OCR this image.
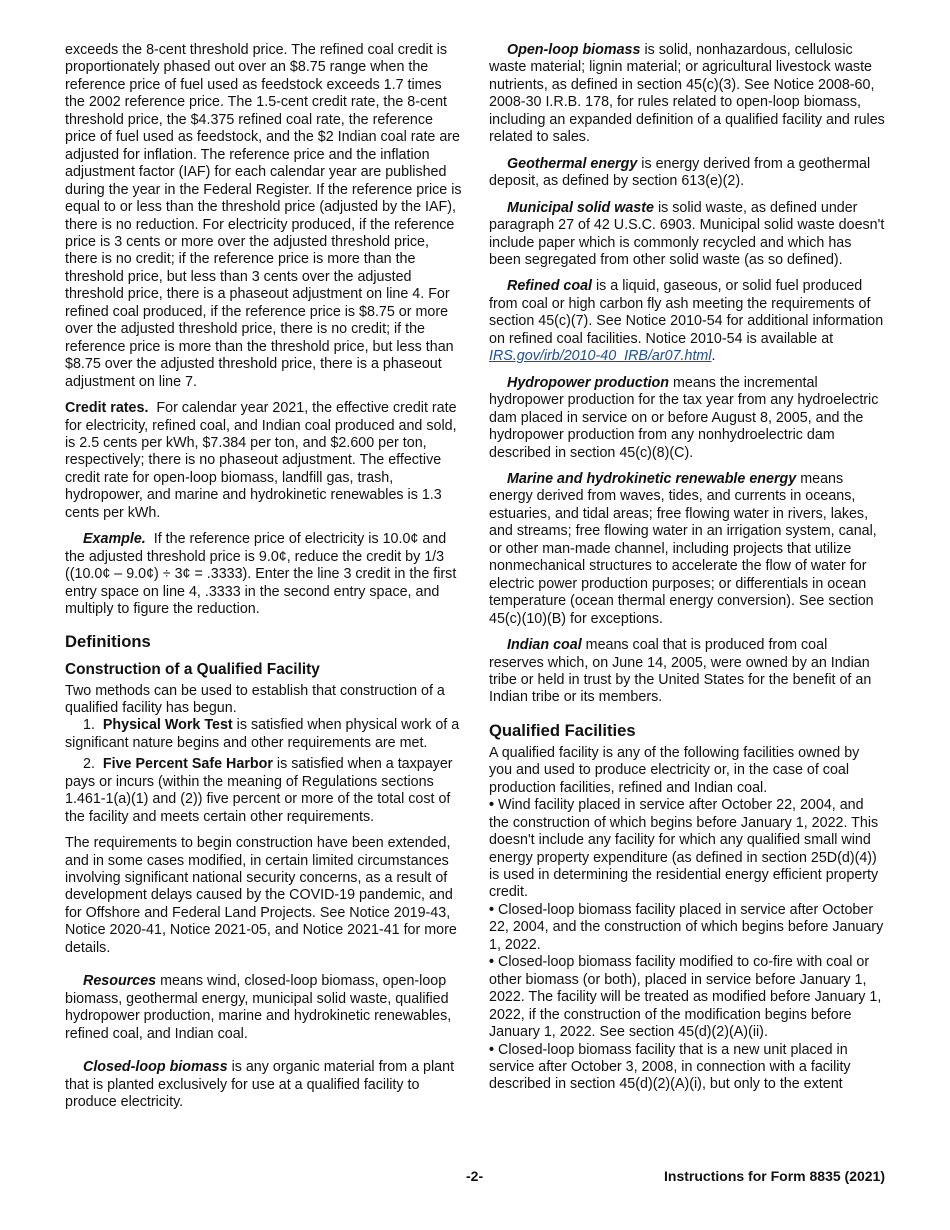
exceeds the 8-cent threshold price. The refined coal credit is proportionately phased out over an $8.75 range when the reference price of fuel used as feedstock exceeds 1.7 times the 2002 reference price. The 1.5-cent credit rate, the 8-cent threshold price, the $4.375 refined coal rate, the reference price of fuel used as feedstock, and the $2 Indian coal rate are adjusted for inflation. The reference price and the inflation adjustment factor (IAF) for each calendar year are published during the year in the Federal Register. If the reference price is equal to or less than the threshold price (adjusted by the IAF), there is no reduction. For electricity produced, if the reference price is 3 cents or more over the adjusted threshold price, there is no credit; if the reference price is more than the threshold price, but less than 3 cents over the adjusted threshold price, there is a phaseout adjustment on line 4. For refined coal produced, if the reference price is $8.75 or more over the adjusted threshold price, there is no credit; if the reference price is more than the threshold price, but less than $8.75 over the adjusted threshold price, there is a phaseout adjustment on line 7.

Credit rates. For calendar year 2021, the effective credit rate for electricity, refined coal, and Indian coal produced and sold, is 2.5 cents per kWh, $7.384 per ton, and $2.600 per ton, respectively; there is no phaseout adjustment. The effective credit rate for open-loop biomass, landfill gas, trash, hydropower, and marine and hydrokinetic renewables is 1.3 cents per kWh.

Example. If the reference price of electricity is 10.0¢ and the adjusted threshold price is 9.0¢, reduce the credit by 1/3 ((10.0¢ – 9.0¢) ÷ 3¢ = .3333). Enter the line 3 credit in the first entry space on line 4, .3333 in the second entry space, and multiply to figure the reduction.

Definitions
Construction of a Qualified Facility

Two methods can be used to establish that construction of a qualified facility has begun.

1. Physical Work Test is satisfied when physical work of a significant nature begins and other requirements are met.

2. Five Percent Safe Harbor is satisfied when a taxpayer pays or incurs (within the meaning of Regulations sections 1.461-1(a)(1) and (2)) five percent or more of the total cost of the facility and meets certain other requirements.

The requirements to begin construction have been extended, and in some cases modified, in certain limited circumstances involving significant national security concerns, as a result of development delays caused by the COVID-19 pandemic, and for Offshore and Federal Land Projects. See Notice 2019-43, Notice 2020-41, Notice 2021-05, and Notice 2021-41 for more details.

Resources means wind, closed-loop biomass, open-loop biomass, geothermal energy, municipal solid waste, qualified hydropower production, marine and hydrokinetic renewables, refined coal, and Indian coal.

Closed-loop biomass is any organic material from a plant that is planted exclusively for use at a qualified facility to produce electricity.

Open-loop biomass is solid, nonhazardous, cellulosic waste material; lignin material; or agricultural livestock waste nutrients, as defined in section 45(c)(3). See Notice 2008-60, 2008-30 I.R.B. 178, for rules related to open-loop biomass, including an expanded definition of a qualified facility and rules related to sales.

Geothermal energy is energy derived from a geothermal deposit, as defined by section 613(e)(2).

Municipal solid waste is solid waste, as defined under paragraph 27 of 42 U.S.C. 6903. Municipal solid waste doesn't include paper which is commonly recycled and which has been segregated from other solid waste (as so defined).

Refined coal is a liquid, gaseous, or solid fuel produced from coal or high carbon fly ash meeting the requirements of section 45(c)(7). See Notice 2010-54 for additional information on refined coal facilities. Notice 2010-54 is available at IRS.gov/irb/2010-40_IRB/ar07.html.

Hydropower production means the incremental hydropower production for the tax year from any hydroelectric dam placed in service on or before August 8, 2005, and the hydropower production from any nonhydroelectric dam described in section 45(c)(8)(C).

Marine and hydrokinetic renewable energy means energy derived from waves, tides, and currents in oceans, estuaries, and tidal areas; free flowing water in rivers, lakes, and streams; free flowing water in an irrigation system, canal, or other man-made channel, including projects that utilize nonmechanical structures to accelerate the flow of water for electric power production purposes; or differentials in ocean temperature (ocean thermal energy conversion). See section 45(c)(10)(B) for exceptions.

Indian coal means coal that is produced from coal reserves which, on June 14, 2005, were owned by an Indian tribe or held in trust by the United States for the benefit of an Indian tribe or its members.

Qualified Facilities

A qualified facility is any of the following facilities owned by you and used to produce electricity or, in the case of coal production facilities, refined and Indian coal.

• Wind facility placed in service after October 22, 2004, and the construction of which begins before January 1, 2022. This doesn't include any facility for which any qualified small wind energy property expenditure (as defined in section 25D(d)(4)) is used in determining the residential energy efficient property credit.

• Closed-loop biomass facility placed in service after October 22, 2004, and the construction of which begins before January 1, 2022.

• Closed-loop biomass facility modified to co-fire with coal or other biomass (or both), placed in service before January 1, 2022. The facility will be treated as modified before January 1, 2022, if the construction of the modification begins before January 1, 2022. See section 45(d)(2)(A)(ii).

• Closed-loop biomass facility that is a new unit placed in service after October 3, 2008, in connection with a facility described in section 45(d)(2)(A)(i), but only to the extent

-2-	Instructions for Form 8835 (2021)
